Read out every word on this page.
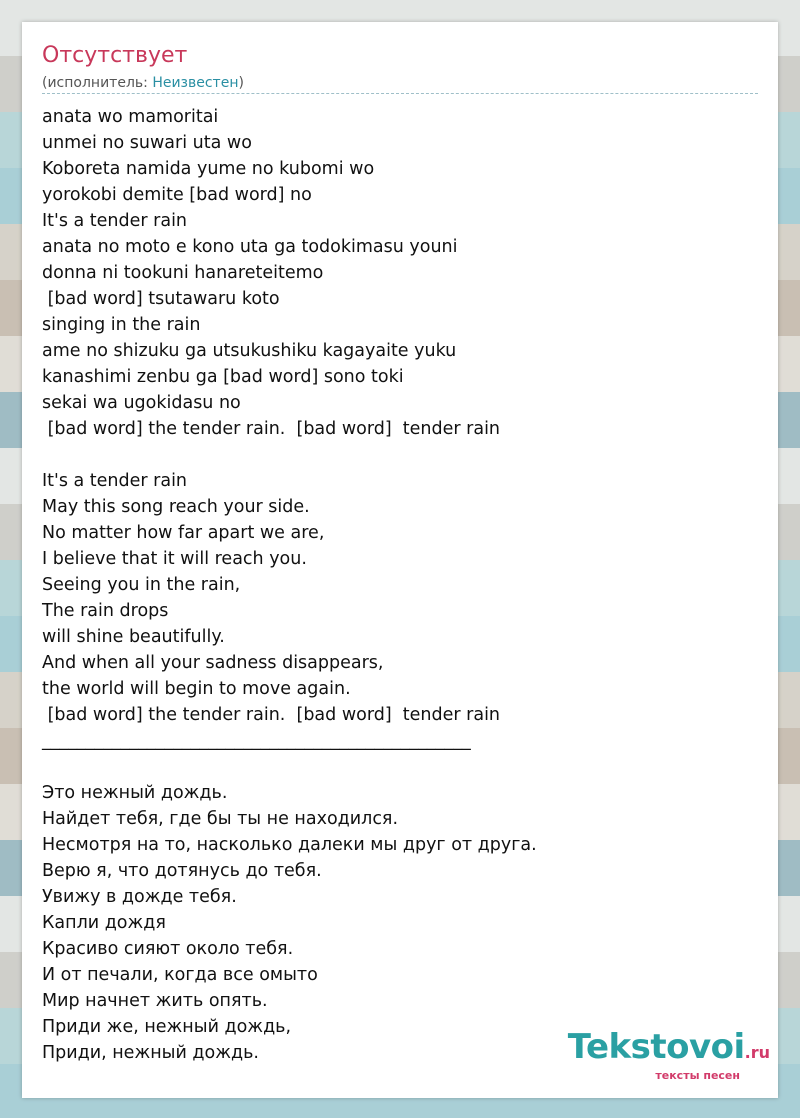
Отсутствует
(исполнитель: Неизвестен)
anata wo mamoritai
unmei no suwari uta wo
Koboreta namida yume no kubomi wo
yorokobi demite [bad word] no
It's a tender rain
anata no moto e kono uta ga todokimasu youni
donna ni tookuni hanareteitemo
[bad word] tsutawaru koto
singing in the rain
ame no shizuku ga utsukushiku kagayaite yuku
kanashimi zenbu ga [bad word] sono toki
sekai wa ugokidasu no
[bad word] the tender rain.  [bad word]  tender rain
It's a tender rain
May this song reach your side.
No matter how far apart we are,
I believe that it will reach you.
Seeing you in the rain,
The rain drops
will shine beautifully.
And when all your sadness disappears,
the world will begin to move again.
[bad word] the tender rain.  [bad word]  tender rain
_________________________________________________
Это нежный дождь.
Найдет тебя, где бы ты не находился.
Несмотря на то, насколько далеки мы друг от друга.
Верю я, что дотянусь до тебя.
Увижу в дожде тебя.
Капли дождя
Красиво сияют около тебя.
И от печали, когда все омыто
Мир начнет жить опять.
Приди же, нежный дождь,
Приди, нежный дождь.	Tekstovoi.ru
тексты песен
